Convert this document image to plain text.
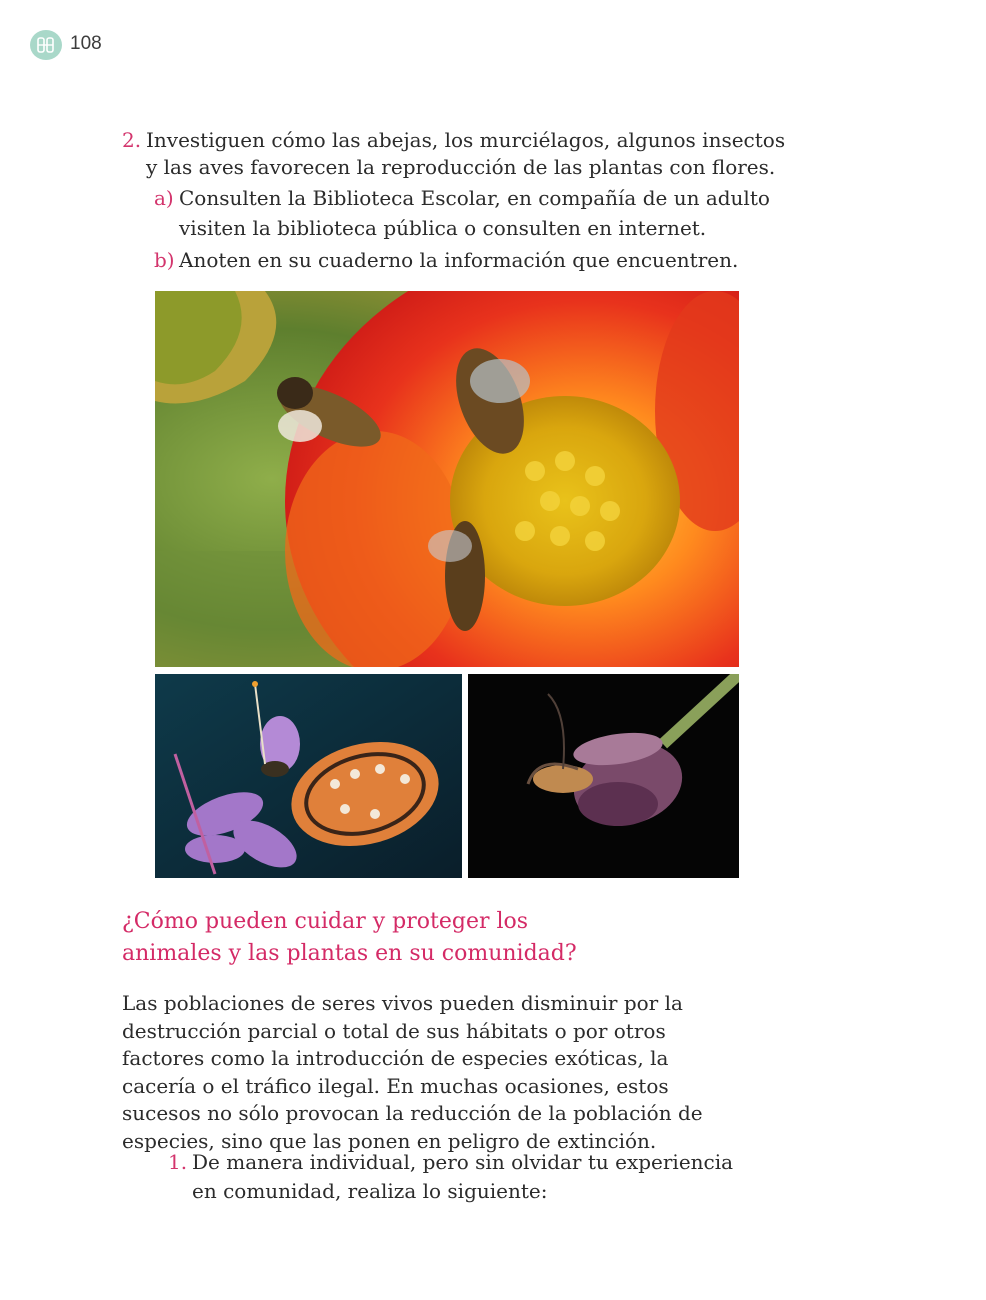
108
2. Investiguen cómo las abejas, los murciélagos, algunos insectos
y las aves favorecen la reproducción de las plantas con flores.
a) Consulten la Biblioteca Escolar, en compañía de un adulto
visiten la biblioteca pública o consulten en internet.
b) Anoten en su cuaderno la información que encuentren.
¿Cómo pueden cuidar y proteger los
animales y las plantas en su comunidad?
Las poblaciones de seres vivos pueden disminuir por la destrucción parcial o total de sus hábitats o por otros factores como la introducción de especies exóticas, la cacería o el tráfico ilegal. En muchas ocasiones, estos sucesos no sólo provocan la reducción de la población de especies, sino que las ponen en peligro de extinción.
1. De manera individual, pero sin olvidar tu experiencia
en comunidad, realiza lo siguiente:
